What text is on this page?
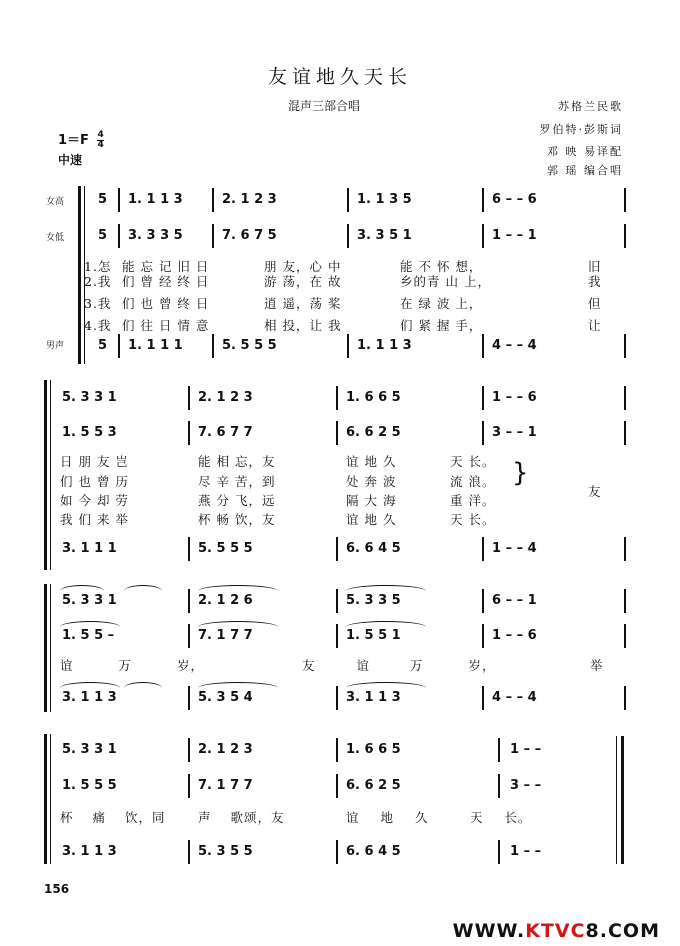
友谊地久天长
混声三部合唱	苏格兰民歌
罗伯特·彭斯词
邓 映 易译配
郭 瑶 编合唱
$1=F \frac{4}{4}$
中速
女高
女低
男声
5 1. 1 1 3	2. 1 2 3	1. 1 3 5	6 – – 6
5 3. 3 3 5	7. 6 7 5	3. 3 5 1	1 – – 1
1.怎 能 忘 记 旧 日	朋 友，心 中	能 不 怀 想，	旧
2.我 们 曾 经 终 日	游 荡，在 故	乡的青 山 上，	我
3.我 们 也 曾 终 日	逍 遥，荡 桨	在 绿 波 上，	但
4.我 们 往 日 情 意	相 投，让 我	们 紧 握 手，	让
5 1. 1 1 1	5. 5 5 5	1. 1 1 3	4 – – 4
5. 3 3 1	2. 1 2 3	1. 6 6 5	1 – – 6
1. 5 5 3	7. 6 7 7	6. 6 2 5	3 – – 1
日 朋 友 岂	能 相 忘，友	谊 地 久	天 长。
们 也 曾 历	尽 辛 苦，到	处 奔 波	流 浪。
如 今 却 劳	燕 分 飞，远	隔 大 海	重 洋。
我 们 来 举	杯 畅 饮，友	谊 地 久	天 长。
}
友
3. 1 1 1	5. 5 5 5	6. 6 4 5	1 – – 4
5. 3 3 1	2. 1 2 6	5. 3 3 5	6 – – 1
1. 5 5 –	7. 1 7 7	1. 5 5 1	1 – – 6
谊 万 岁，	友 谊	万 岁，	举
3. 1 1 3	5. 3 5 4	3. 1 1 3	4 – – 4
5. 3 3 1	2. 1 2 3	1. 6 6 5	1 – –
1. 5 5 5	7. 1 7 7	6. 6 2 5	3 – –
杯 痛 饮，同	声 歌颂，友	谊 地 久	天 长。
3. 1 1 3	5. 3 5 5	6. 6 4 5	1 – –
156
WWW.KTVC8.COM
